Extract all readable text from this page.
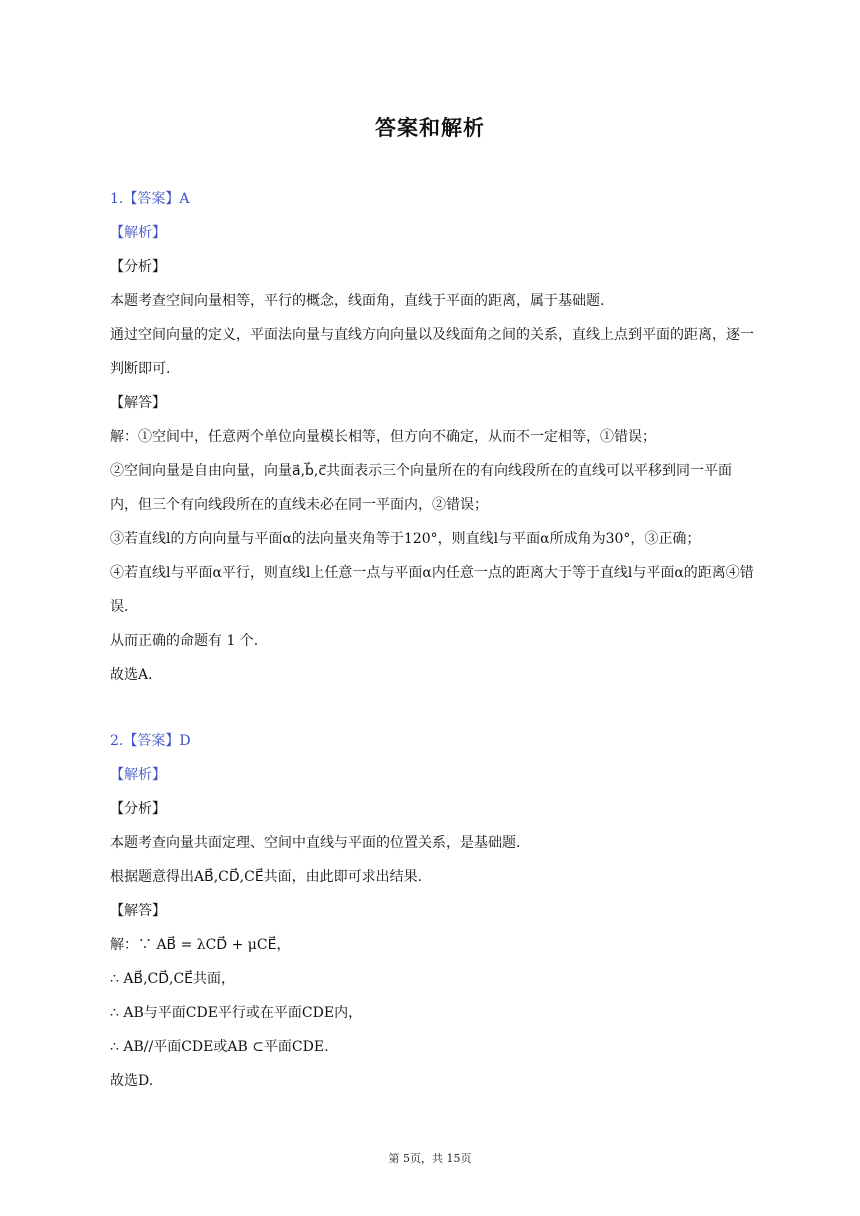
答案和解析
1.【答案】A
【解析】
【分析】
本题考查空间向量相等，平行的概念，线面角，直线于平面的距离，属于基础题.
通过空间向量的定义，平面法向量与直线方向向量以及线面角之间的关系，直线上点到平面的距离，逐一判断即可.
【解答】
解：①空间中，任意两个单位向量模长相等，但方向不确定，从而不一定相等，①错误；
②空间向量是自由向量，向量a⃗,b⃗,c⃗共面表示三个向量所在的有向线段所在的直线可以平移到同一平面内，但三个有向线段所在的直线未必在同一平面内，②错误；
③若直线l的方向向量与平面α的法向量夹角等于120°，则直线l与平面α所成角为30°，③正确；
④若直线l与平面α平行，则直线l上任意一点与平面α内任意一点的距离大于等于直线l与平面α的距离④错误.
从而正确的命题有 1 个.
故选A.
2.【答案】D
【解析】
【分析】
本题考查向量共面定理、空间中直线与平面的位置关系，是基础题.
根据题意得出AB⃗,CD⃗,CE⃗共面，由此即可求出结果.
【解答】
解：∵ AB⃗ = λCD⃗ + μCE⃗，
∴ AB⃗,CD⃗,CE⃗共面，
∴ AB与平面CDE平行或在平面CDE内，
∴ AB//平面CDE或AB ⊂平面CDE.
故选D.
第 5页，共 15页
